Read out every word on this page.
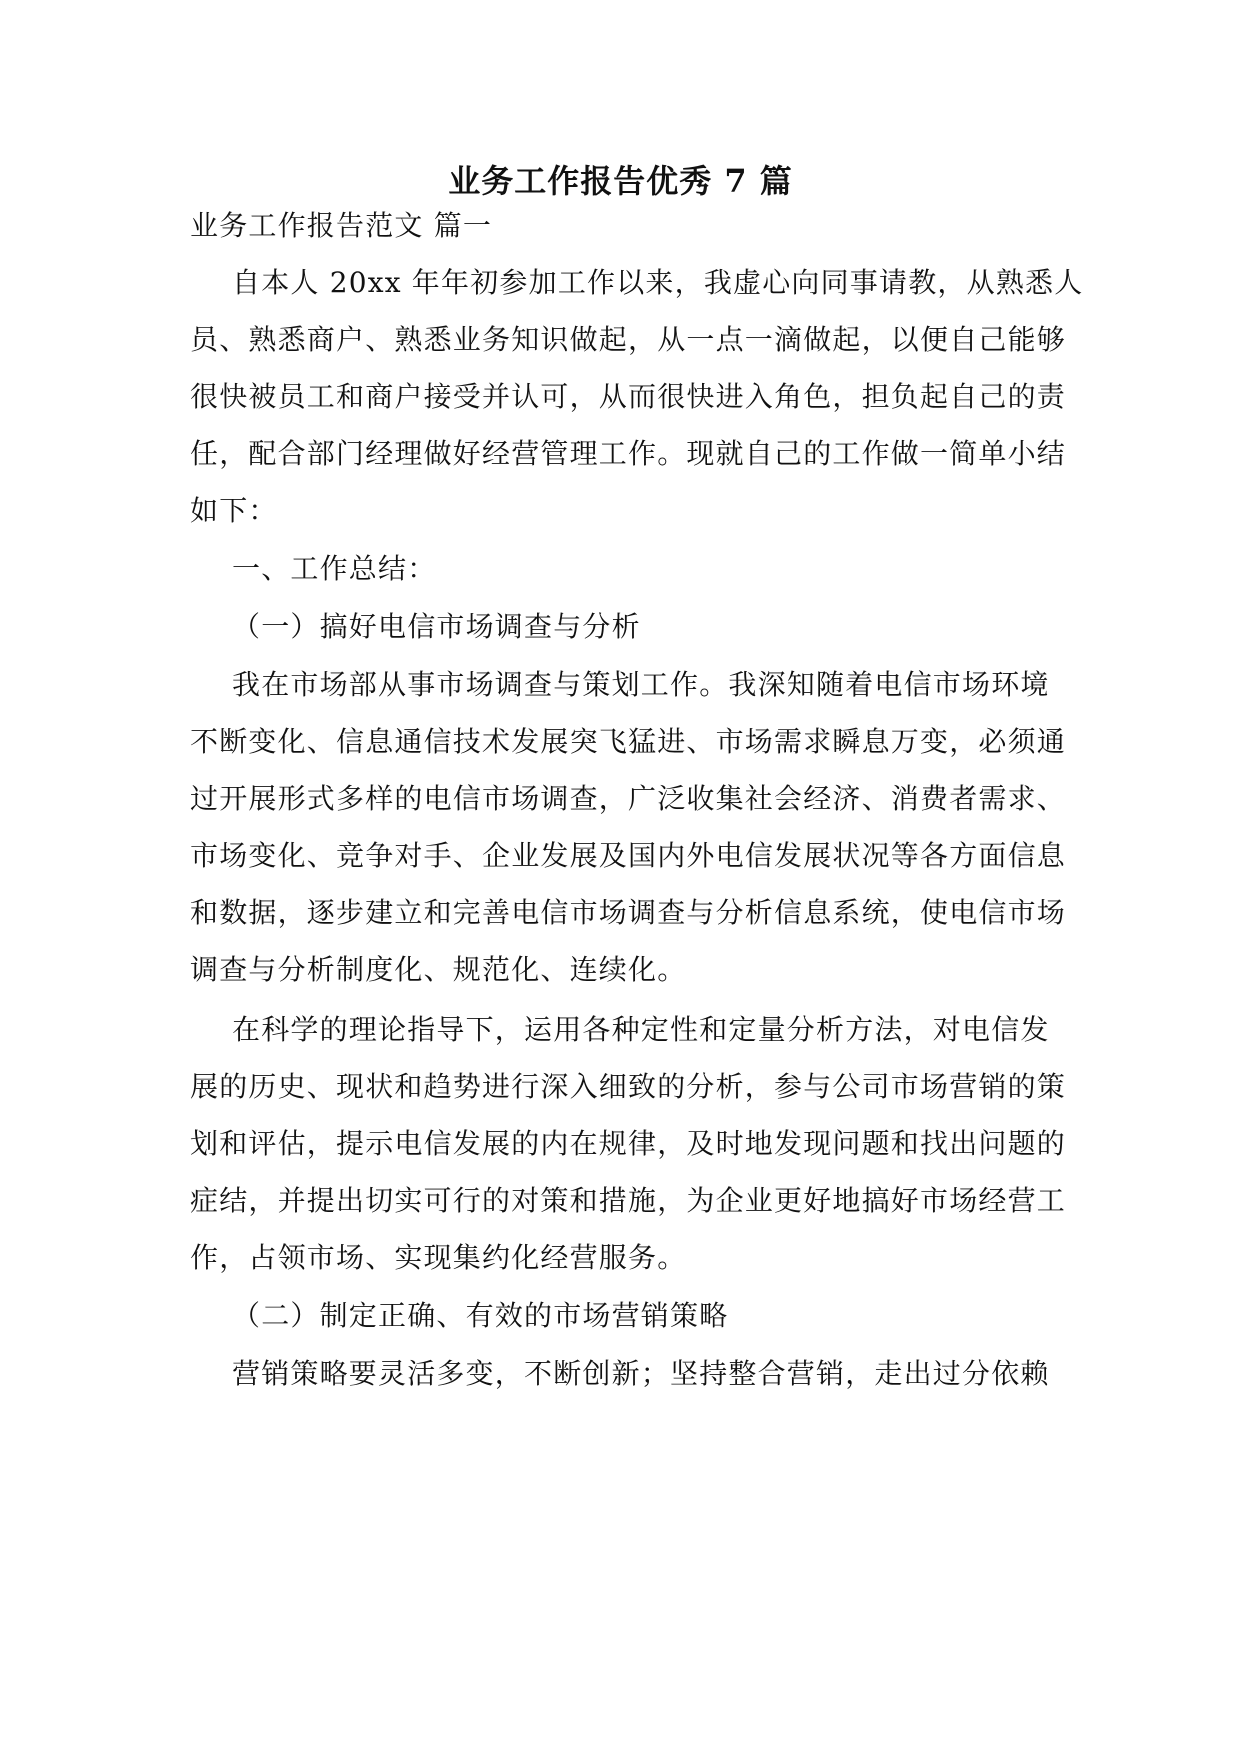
业务工作报告优秀 7 篇
业务工作报告范文 篇一
自本人 20xx 年年初参加工作以来，我虚心向同事请教，从熟悉人
员、熟悉商户、熟悉业务知识做起，从一点一滴做起，以便自己能够
很快被员工和商户接受并认可，从而很快进入角色，担负起自己的责
任，配合部门经理做好经营管理工作。现就自己的工作做一简单小结
如下：
一、工作总结：
（一）搞好电信市场调查与分析
我在市场部从事市场调查与策划工作。我深知随着电信市场环境
不断变化、信息通信技术发展突飞猛进、市场需求瞬息万变，必须通
过开展形式多样的电信市场调查，广泛收集社会经济、消费者需求、
市场变化、竞争对手、企业发展及国内外电信发展状况等各方面信息
和数据，逐步建立和完善电信市场调查与分析信息系统，使电信市场
调查与分析制度化、规范化、连续化。
在科学的理论指导下，运用各种定性和定量分析方法，对电信发
展的历史、现状和趋势进行深入细致的分析，参与公司市场营销的策
划和评估，提示电信发展的内在规律，及时地发现问题和找出问题的
症结，并提出切实可行的对策和措施，为企业更好地搞好市场经营工
作，占领市场、实现集约化经营服务。
（二）制定正确、有效的市场营销策略
营销策略要灵活多变，不断创新；坚持整合营销，走出过分依赖
